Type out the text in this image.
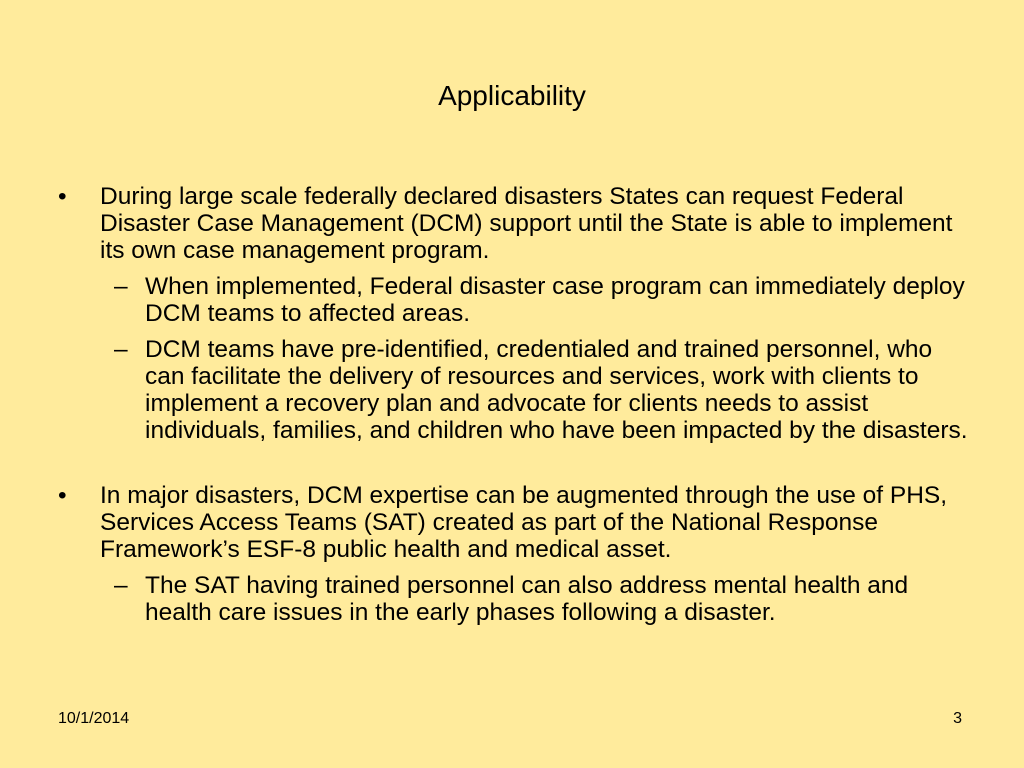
Applicability
• During large scale federally declared disasters States can request Federal Disaster Case Management (DCM) support until the State is able to implement its own case management program.
– When implemented, Federal disaster case program can immediately deploy DCM teams to affected areas.
– DCM teams have pre-identified, credentialed and trained personnel, who can facilitate the delivery of resources and services, work with clients to implement a recovery plan and advocate for clients needs to assist individuals, families, and children who have been impacted by the disasters.
• In major disasters, DCM expertise can be augmented through the use of PHS, Services Access Teams (SAT) created as part of the National Response Framework’s ESF-8 public health and medical asset.
– The SAT having trained personnel can also address mental health and health care issues in the early phases following a disaster.
10/1/2014	3
